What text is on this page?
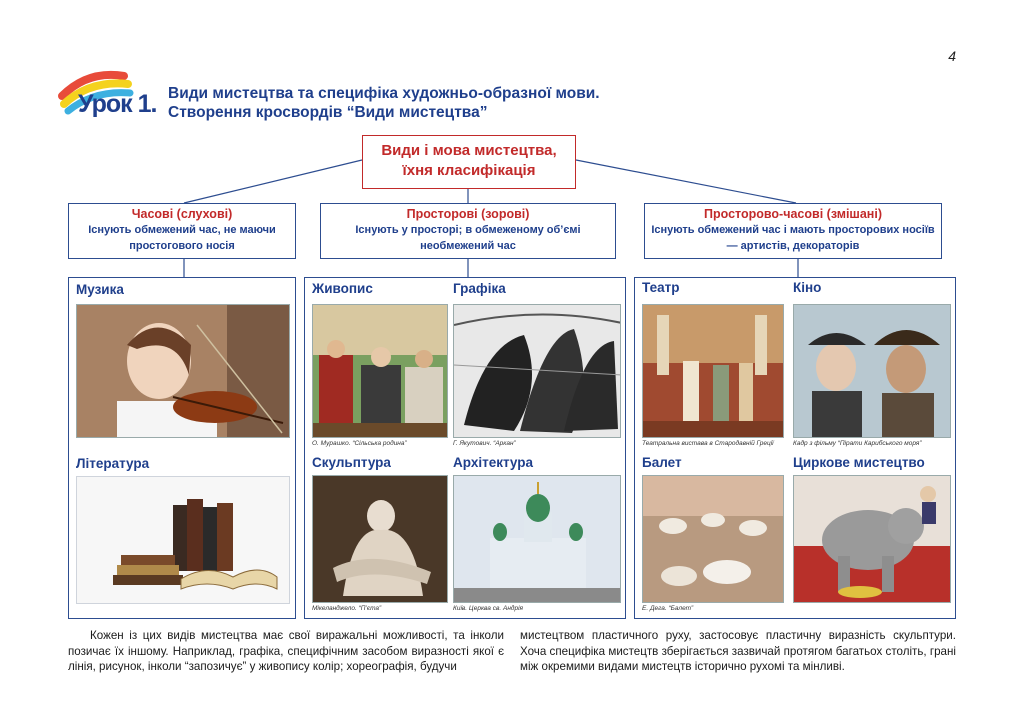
4
Урок 1. Види мистецтва та специфіка художньо-образної мови.
Створення кросвордів “Види мистецтва”
Види і мова мистецтва,
їхня класифікація
Часові (слухові)
Існують обмежений час, не маючи простогового носія
Просторові (зорові)
Існують у просторі; в обмеженому об’ємі необмежений час
Просторово-часові (змішані)
Існують обмежений час і мають просторових носіїв — артистів, декораторів
Музика
Література
Живопис	Графіка
О. Мурашко. “Сільська родина”	Г. Якутович. “Аркан”
Скульптура	Архітектура
Мікеланджело. “П’єта”	Київ. Церква св. Андрія
Театр	Кіно
Театральна вистава в Стародавній Греції	Кадр з фільму “Пірати Карибського моря”
Балет	Циркове мистецтво
Е. Дега. “Балет”
Кожен із цих видів мистецтва має свої виражальні можливості, та інколи позичає їх іншому. Наприклад, графіка, специфічним засобом виразності якої є лінія, рисунок, інколи “запозичує” у живопису колір; хореографія, будучи
мистецтвом пластичного руху, застосовує пластичну виразність скульптури. Хоча специфіка мистецтв зберігається зазвичай протягом багатьох століть, грані між окремими видами мистецтв історично рухомі та мінливі.
